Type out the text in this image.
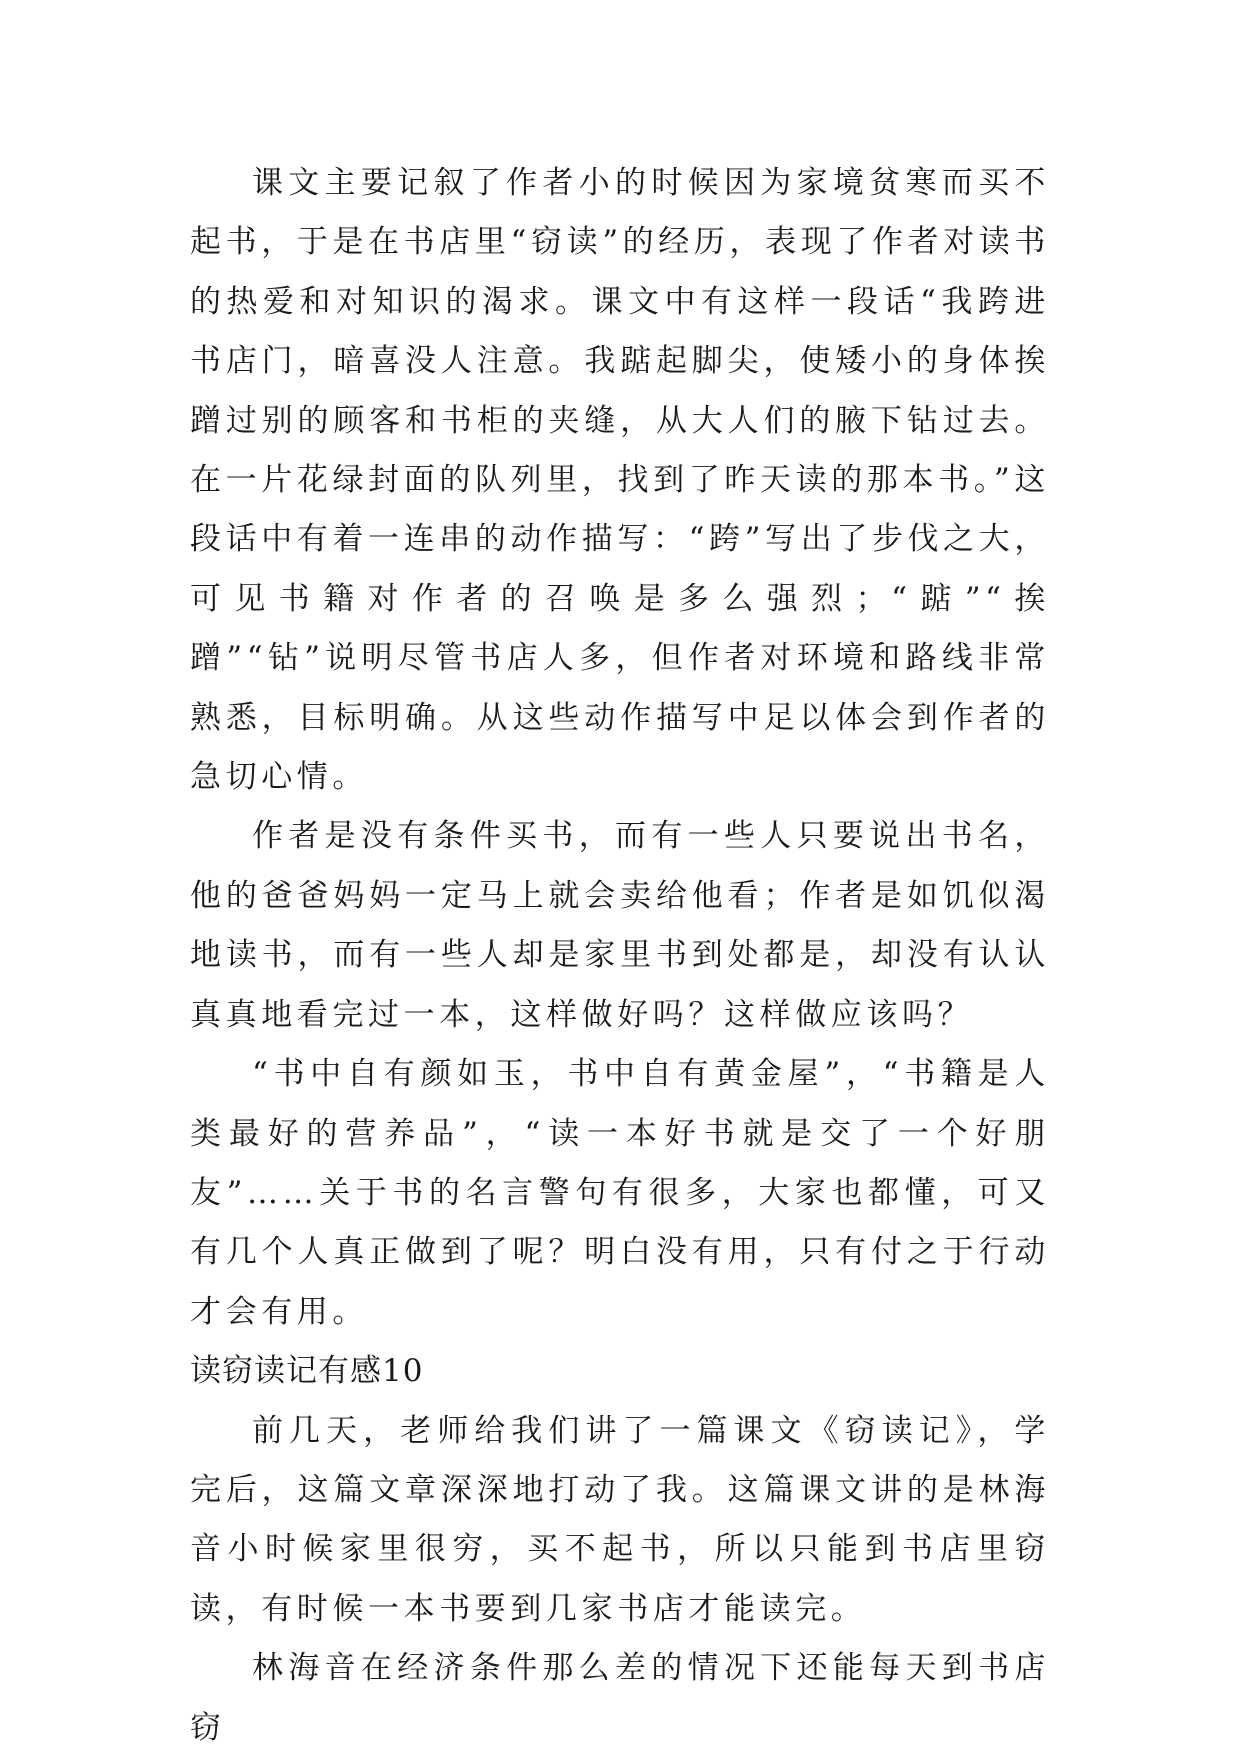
课文主要记叙了作者小的时候因为家境贫寒而买不起书，于是在书店里“窃读”的经历，表现了作者对读书的热爱和对知识的渴求。课文中有这样一段话“我跨进书店门，暗喜没人注意。我踮起脚尖，使矮小的身体挨蹭过别的顾客和书柜的夹缝，从大人们的腋下钻过去。在一片花绿封面的队列里，找到了昨天读的那本书。”这段话中有着一连串的动作描写：“跨”写出了步伐之大，可见书籍对作者的召唤是多么强烈；“踮”“挨蹭”“钻”说明尽管书店人多，但作者对环境和路线非常熟悉，目标明确。从这些动作描写中足以体会到作者的急切心情。

作者是没有条件买书，而有一些人只要说出书名，他的爸爸妈妈一定马上就会卖给他看；作者是如饥似渴地读书，而有一些人却是家里书到处都是，却没有认认真真地看完过一本，这样做好吗？这样做应该吗？

“书中自有颜如玉，书中自有黄金屋”，“书籍是人类最好的营养品”，“读一本好书就是交了一个好朋友”……关于书的名言警句有很多，大家也都懂，可又有几个人真正做到了呢？明白没有用，只有付之于行动才会有用。

读窃读记有感10

前几天，老师给我们讲了一篇课文《窃读记》，学完后，这篇文章深深地打动了我。这篇课文讲的是林海音小时候家里很穷，买不起书，所以只能到书店里窃读，有时候一本书要到几家书店才能读完。

林海音在经济条件那么差的情况下还能每天到书店窃
